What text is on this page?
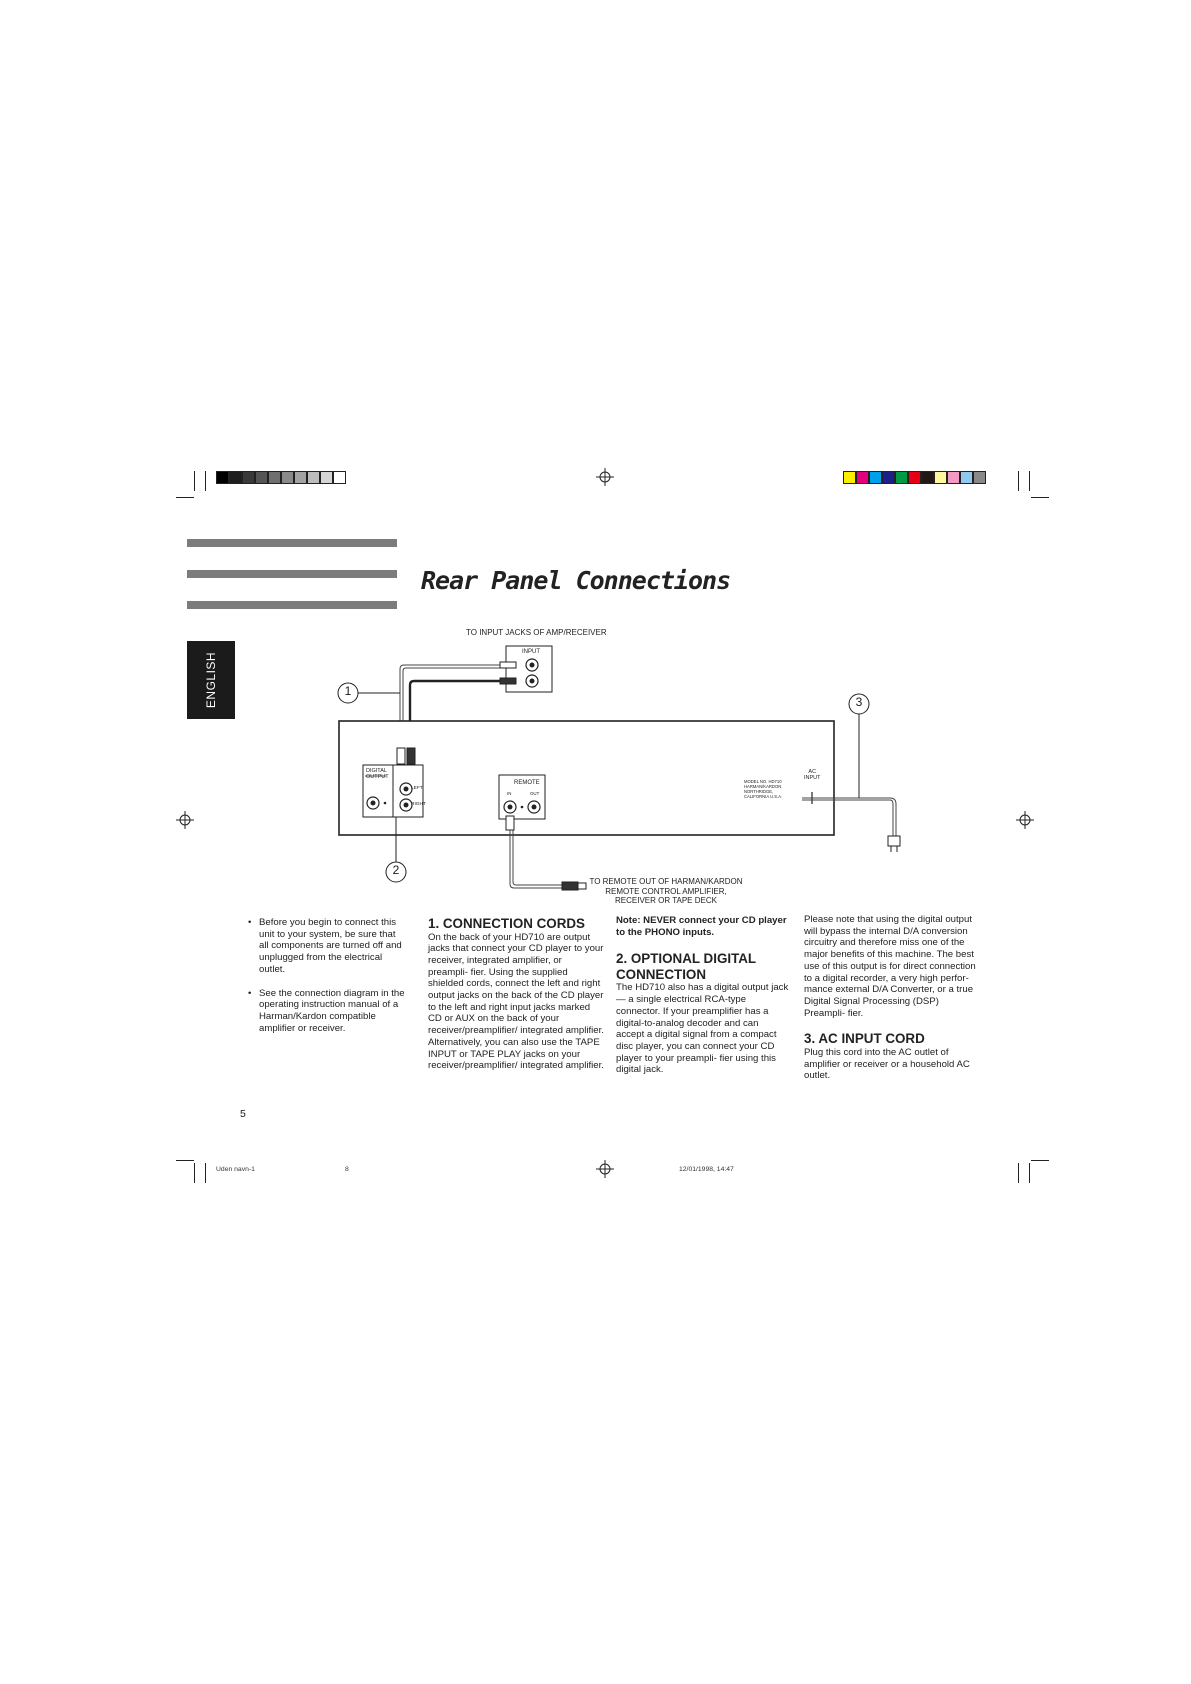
Rear Panel Connections
ENGLISH
TO INPUT JACKS OF AMP/RECEIVER
INPUT
1
2
3
DIGITAL
OUTPUT
LEFT
RIGHT
REMOTE
IN	OUT
AC
INPUT
MODEL NO. HD710
HARMAN/KARDON
NORTHRIDGE,
CALIFORNIA U.S.A.
TO REMOTE OUT OF HARMAN/KARDON
REMOTE CONTROL AMPLIFIER,
RECEIVER OR TAPE DECK
• Before you begin to connect this unit to your system, be sure that all components are turned off and unplugged from the electrical outlet.
• See the connection diagram in the operating instruction manual of a Harman/Kardon compatible amplifier or receiver.

1. CONNECTION CORDS

On the back of your HD710 are output jacks that connect your CD player to your receiver, integrated amplifier, or preampli- fier. Using the supplied shielded cords, connect the left and right output jacks on the back of the CD player to the left and right input jacks marked CD or AUX on the back of your receiver/preamplifier/ integrated amplifier. Alternatively, you can also use the TAPE INPUT or TAPE PLAY jacks on your receiver/preamplifier/ integrated amplifier.

Note: NEVER connect your CD player to the PHONO inputs.

2. OPTIONAL DIGITAL CONNECTION

The HD710 also has a digital output jack — a single electrical RCA-type connector. If your preamplifier has a digital-to-analog decoder and can accept a digital signal from a compact disc player, you can connect your CD player to your preampli- fier using this digital jack.

Please note that using the digital output will bypass the internal D/A conversion circuitry and therefore miss one of the major benefits of this machine. The best use of this output is for direct connection to a digital recorder, a very high perfor- mance external D/A Converter, or a true Digital Signal Processing (DSP) Preampli- fier.

3. AC INPUT CORD

Plug this cord into the AC outlet of amplifier or receiver or a household AC outlet.

5
Uden navn-1	8	12/01/1998, 14:47
